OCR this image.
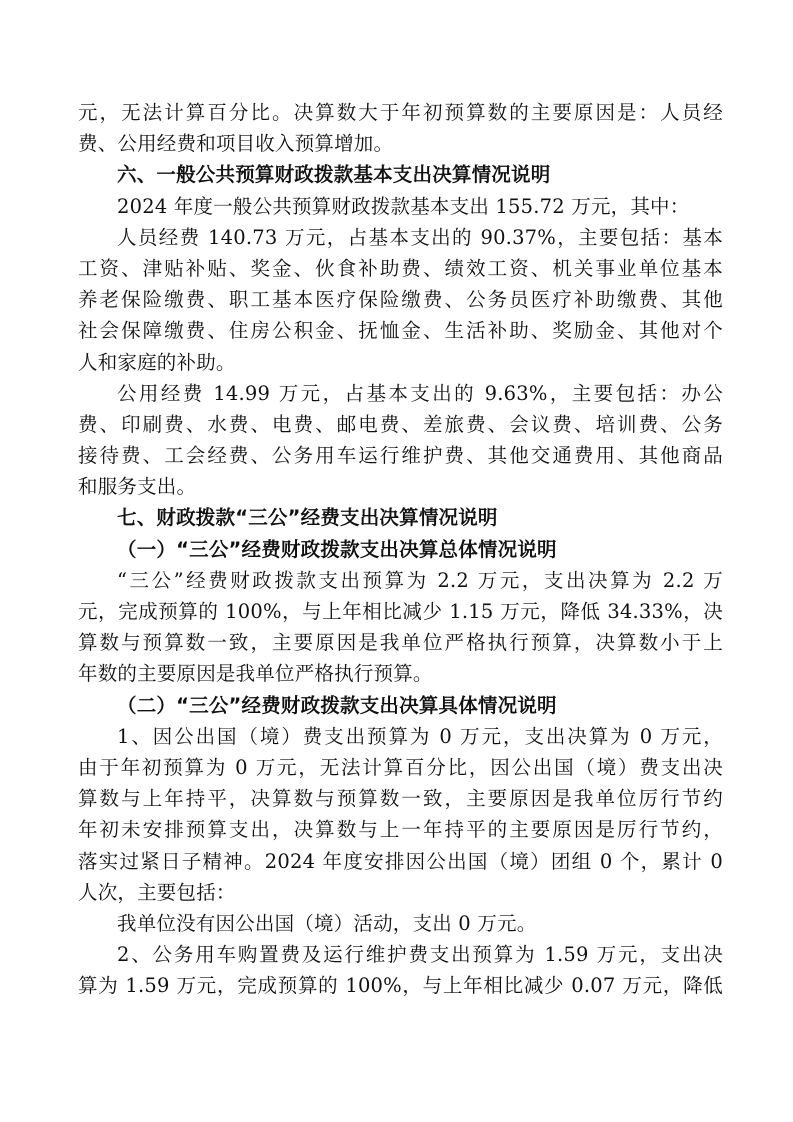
元，无法计算百分比。决算数大于年初预算数的主要原因是：人员经
费、公用经费和项目收入预算增加。
六、一般公共预算财政拨款基本支出决算情况说明
2024 年度一般公共预算财政拨款基本支出 155.72 万元，其中：
人员经费 140.73 万元，占基本支出的 90.37%，主要包括：基本
工资、津贴补贴、奖金、伙食补助费、绩效工资、机关事业单位基本
养老保险缴费、职工基本医疗保险缴费、公务员医疗补助缴费、其他
社会保障缴费、住房公积金、抚恤金、生活补助、奖励金、其他对个
人和家庭的补助。
公用经费 14.99 万元，占基本支出的 9.63%，主要包括：办公
费、印刷费、水费、电费、邮电费、差旅费、会议费、培训费、公务
接待费、工会经费、公务用车运行维护费、其他交通费用、其他商品
和服务支出。
七、财政拨款“三公”经费支出决算情况说明
（一）“三公”经费财政拨款支出决算总体情况说明
“三公”经费财政拨款支出预算为 2.2 万元，支出决算为 2.2 万
元，完成预算的 100%，与上年相比减少 1.15 万元，降低 34.33%，决
算数与预算数一致，主要原因是我单位严格执行预算，决算数小于上
年数的主要原因是我单位严格执行预算。
（二）“三公”经费财政拨款支出决算具体情况说明
1、因公出国（境）费支出预算为 0 万元，支出决算为 0 万元，
由于年初预算为 0 万元，无法计算百分比，因公出国（境）费支出决
算数与上年持平，决算数与预算数一致，主要原因是我单位厉行节约
年初未安排预算支出，决算数与上一年持平的主要原因是厉行节约，
落实过紧日子精神。2024 年度安排因公出国（境）团组 0 个，累计 0
人次，主要包括：
我单位没有因公出国（境）活动，支出 0 万元。
2、公务用车购置费及运行维护费支出预算为 1.59 万元，支出决
算为 1.59 万元，完成预算的 100%，与上年相比减少 0.07 万元，降低
